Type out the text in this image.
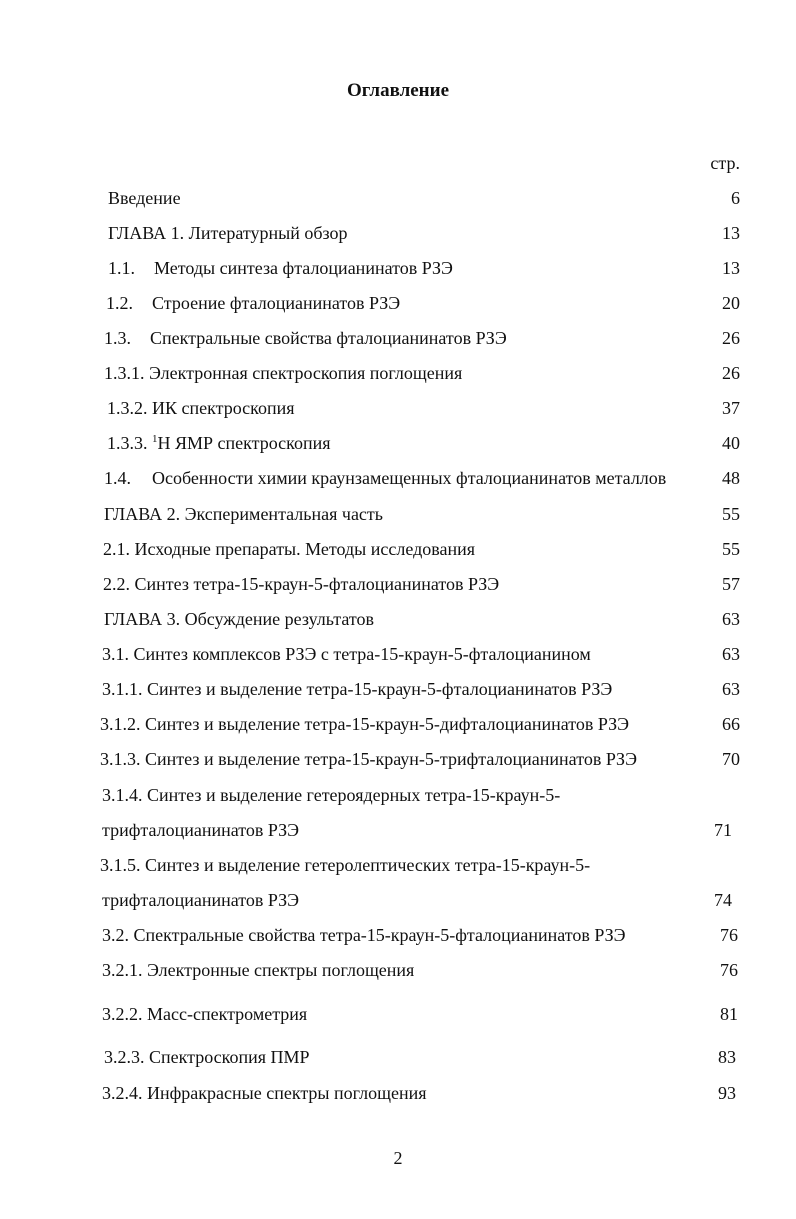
Оглавление
стр.
Введение	6
ГЛАВА 1. Литературный обзор	13
1.1. Методы синтеза фталоцианинатов РЗЭ	13
1.2. Строение фталоцианинатов РЗЭ	20
1.3. Спектральные свойства фталоцианинатов РЗЭ	26
1.3.1. Электронная спектроскопия поглощения	26
1.3.2. ИК спектроскопия	37
1.3.3. $^1$Н ЯМР спектроскопия	40
1.4. Особенности химии краунзамещенных фталоцианинатов металлов	48
ГЛАВА 2. Экспериментальная часть	55
2.1. Исходные препараты. Методы исследования	55
2.2. Синтез тетра-15-краун-5-фталоцианинатов РЗЭ	57
ГЛАВА 3. Обсуждение результатов	63
3.1. Синтез комплексов РЗЭ с тетра-15-краун-5-фталоцианином	63
3.1.1. Синтез и выделение тетра-15-краун-5-фталоцианинатов РЗЭ	63
3.1.2. Синтез и выделение тетра-15-краун-5-дифталоцианинатов РЗЭ	66
3.1.3. Синтез и выделение тетра-15-краун-5-трифталоцианинатов РЗЭ	70
3.1.4. Синтез и выделение гетероядерных тетра-15-краун-5-
трифталоцианинатов РЗЭ	71
3.1.5. Синтез и выделение гетеролептических тетра-15-краун-5-
трифталоцианинатов РЗЭ	74
3.2. Спектральные свойства тетра-15-краун-5-фталоцианинатов РЗЭ	76
3.2.1. Электронные спектры поглощения	76
3.2.2. Масс-спектрометрия	81
3.2.3. Спектроскопия ПМР	83
3.2.4. Инфракрасные спектры поглощения	93
2
